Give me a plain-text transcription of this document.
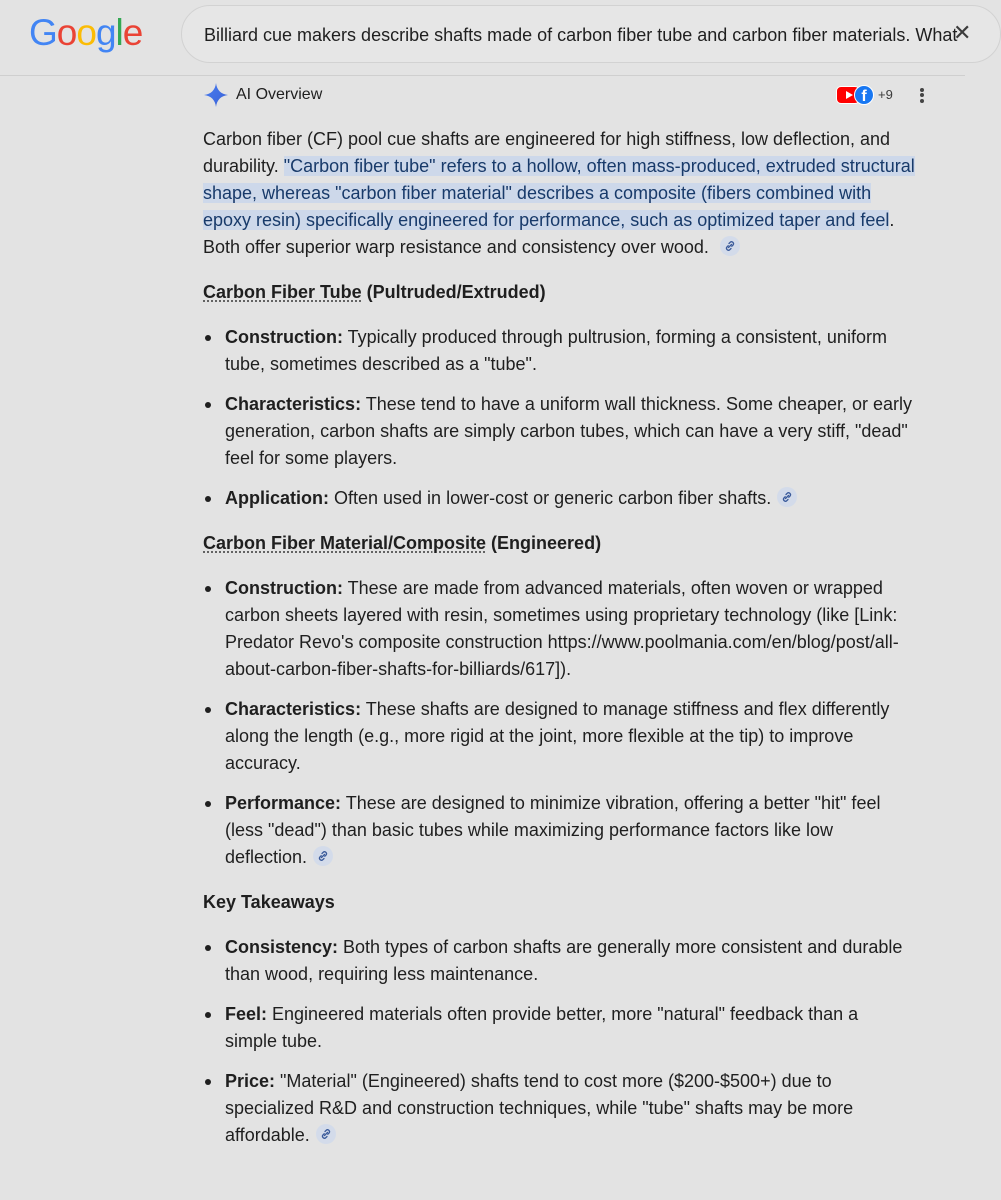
Google	Billiard cue makers describe shafts made of carbon fiber tube and carbon fiber materials. What
✕
AI Overview	f +9

Carbon fiber (CF) pool cue shafts are engineered for high stiffness, low deflection, and durability. "Carbon fiber tube" refers to a hollow, often mass-produced, extruded structural shape, whereas "carbon fiber material" describes a composite (fibers combined with epoxy resin) specifically engineered for performance, such as optimized taper and feel. Both offer superior warp resistance and consistency over wood.

Carbon Fiber Tube (Pultruded/Extruded)
Construction: Typically produced through pultrusion, forming a consistent, uniform tube, sometimes described as a "tube".
Characteristics: These tend to have a uniform wall thickness. Some cheaper, or early generation, carbon shafts are simply carbon tubes, which can have a very stiff, "dead" feel for some players.
Application: Often used in lower-cost or generic carbon fiber shafts.
Carbon Fiber Material/Composite (Engineered)
Construction: These are made from advanced materials, often woven or wrapped carbon sheets layered with resin, sometimes using proprietary technology (like [Link: Predator Revo's composite construction https://www.poolmania.com/en/blog/post/all-about-carbon-fiber-shafts-for-billiards/617]).
Characteristics: These shafts are designed to manage stiffness and flex differently along the length (e.g., more rigid at the joint, more flexible at the tip) to improve accuracy.
Performance: These are designed to minimize vibration, offering a better "hit" feel (less "dead") than basic tubes while maximizing performance factors like low deflection.
Key Takeaways
Consistency: Both types of carbon shafts are generally more consistent and durable than wood, requiring less maintenance.
Feel: Engineered materials often provide better, more "natural" feedback than a simple tube.
Price: "Material" (Engineered) shafts tend to cost more ($200-$500+) due to specialized R&D and construction techniques, while "tube" shafts may be more affordable.
